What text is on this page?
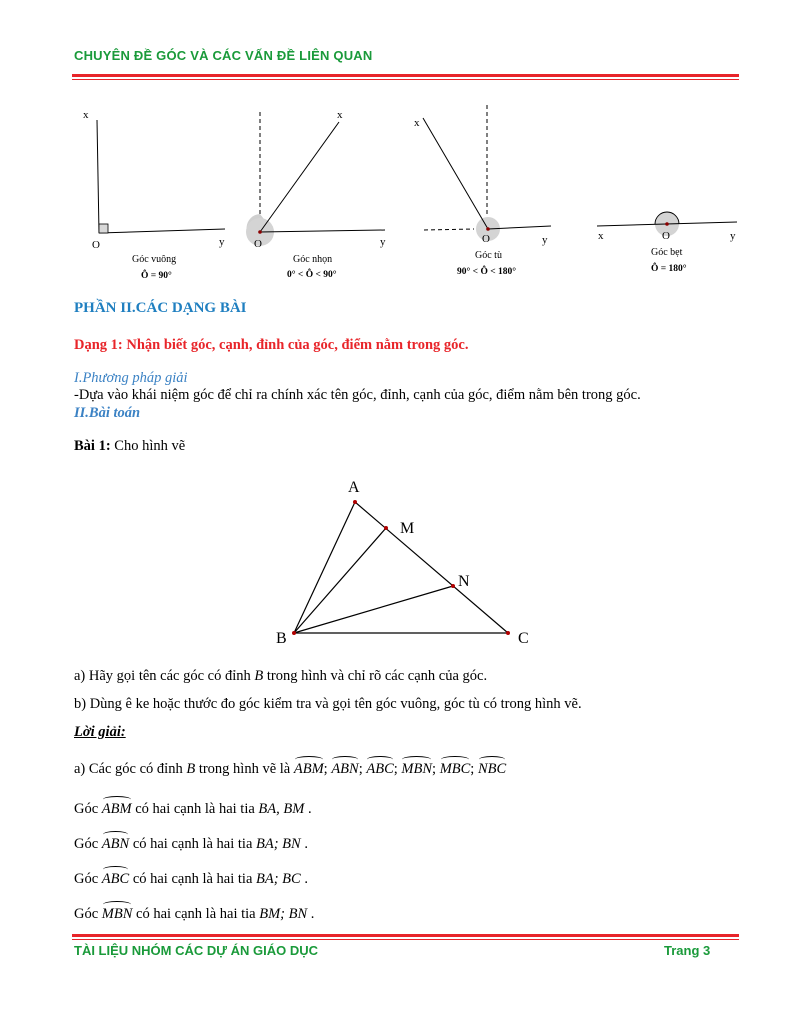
CHUYÊN ĐỀ GÓC VÀ CÁC VẤN ĐỀ LIÊN QUAN
x
O	y
Góc vuông
Ô = 90°
x
O	y
Góc nhọn
0° < Ô < 90°
x
O	y
Góc tù
90° < Ô < 180°
x	O	y
Góc bẹt
Ô = 180°
PHẦN II.CÁC DẠNG BÀI
Dạng 1: Nhận biết góc, cạnh, đỉnh của góc, điểm nằm trong góc.
I.Phương pháp giải
-Dựa vào khái niệm góc để chỉ ra chính xác tên góc, đỉnh, cạnh của góc, điểm nằm bên trong góc.
II.Bài toán
Bài 1: Cho hình vẽ
A
M
N
B	C
a) Hãy gọi tên các góc có đỉnh B trong hình và chỉ rõ các cạnh của góc.
b) Dùng ê ke hoặc thước đo góc kiểm tra và gọi tên góc vuông, góc tù có trong hình vẽ.
Lời giải:
a) Các góc có đỉnh B trong hình vẽ là ABM; ABN; ABC; MBN; MBC; NBC
Góc ABM có hai cạnh là hai tia BA, BM .
Góc ABN có hai cạnh là hai tia BA; BN .
Góc ABC có hai cạnh là hai tia BA; BC .
Góc MBN có hai cạnh là hai tia BM; BN .
TÀI LIỆU NHÓM CÁC DỰ ÁN GIÁO DỤC	Trang 3
